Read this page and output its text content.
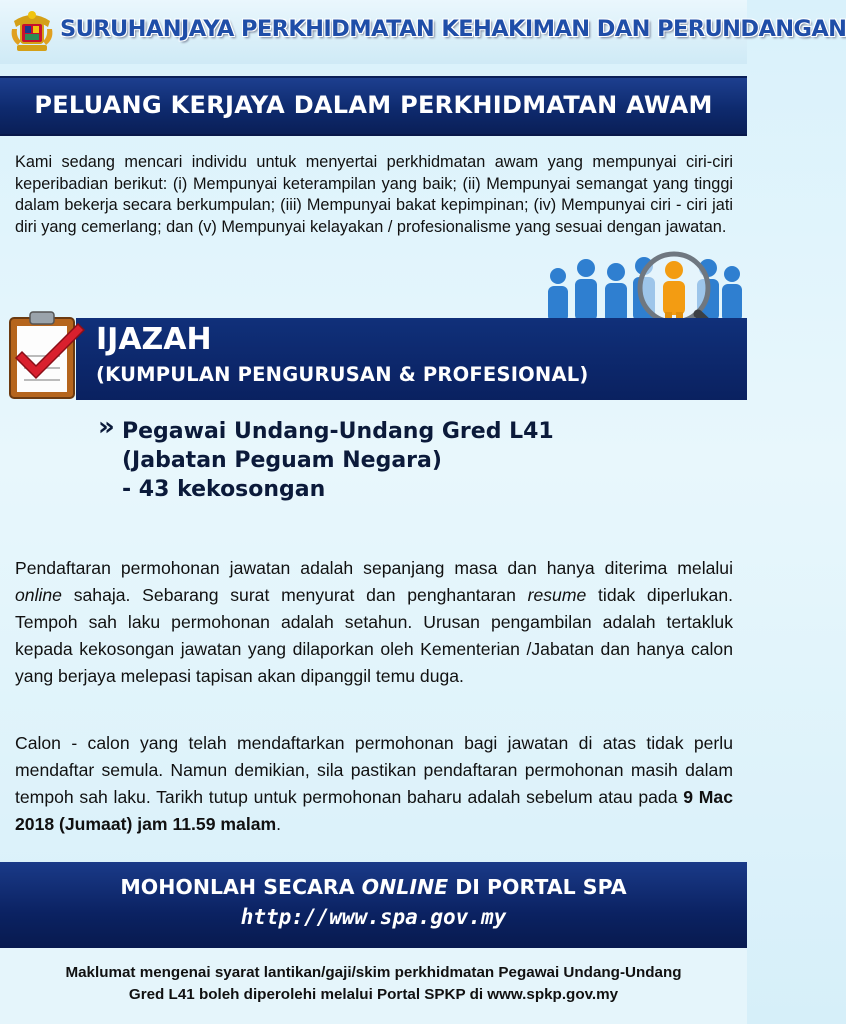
SURUHANJAYA PERKHIDMATAN KEHAKIMAN DAN PERUNDANGAN
PELUANG KERJAYA DALAM PERKHIDMATAN AWAM
Kami sedang mencari individu untuk menyertai perkhidmatan awam yang mempunyai ciri-ciri keperibadian berikut: (i) Mempunyai keterampilan yang baik; (ii) Mempunyai semangat yang tinggi dalam bekerja secara berkumpulan; (iii) Mempunyai bakat kepimpinan; (iv) Mempunyai ciri - ciri jati diri yang cemerlang; dan (v) Mempunyai kelayakan / profesionalisme yang sesuai dengan jawatan.
IJAZAH
(KUMPULAN PENGURUSAN & PROFESIONAL)
» Pegawai Undang-Undang Gred L41
(Jabatan Peguam Negara)
- 43 kekosongan
Pendaftaran permohonan jawatan adalah sepanjang masa dan hanya diterima melalui online sahaja. Sebarang surat menyurat dan penghantaran resume tidak diperlukan. Tempoh sah laku permohonan adalah setahun. Urusan pengambilan adalah tertakluk kepada kekosongan jawatan yang dilaporkan oleh Kementerian /Jabatan dan hanya calon yang berjaya melepasi tapisan akan dipanggil temu duga.
Calon - calon yang telah mendaftarkan permohonan bagi jawatan di atas tidak perlu mendaftar semula. Namun demikian, sila pastikan pendaftaran permohonan masih dalam tempoh sah laku. Tarikh tutup untuk permohonan baharu adalah sebelum atau pada 9 Mac 2018 (Jumaat) jam 11.59 malam.
MOHONLAH SECARA ONLINE DI PORTAL SPA
http://www.spa.gov.my
Maklumat mengenai syarat lantikan/gaji/skim perkhidmatan Pegawai Undang-Undang
Gred L41 boleh diperolehi melalui Portal SPKP di www.spkp.gov.my
